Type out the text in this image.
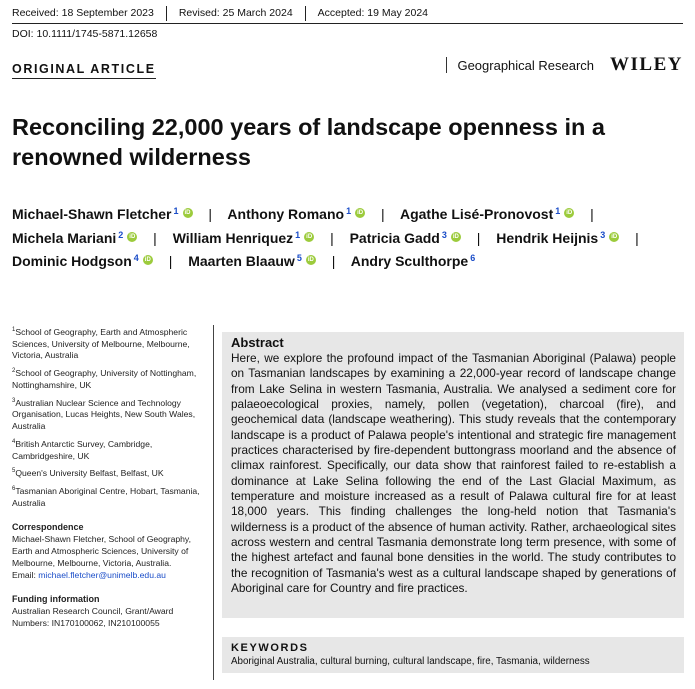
Received: 18 September 2023	Revised: 25 March 2024	Accepted: 19 May 2024
DOI: 10.1111/1745-5871.12658
ORIGINAL ARTICLE	Geographical Research WILEY
Reconciling 22,000 years of landscape openness in a renowned wilderness
Michael-Shawn Fletcher $^1$ iD | Anthony Romano $^1$ iD | Agathe Lisé-Pronovost $^1$ iD | Michela Mariani $^2$ iD | William Henriquez $^1$ iD | Patricia Gadd $^3$ iD | Hendrik Heijnis $^3$ iD | Dominic Hodgson $^4$ iD | Maarten Blaauw $^5$ iD | Andry Sculthorpe $^6$
$^1$School of Geography, Earth and Atmospheric Sciences, University of Melbourne, Melbourne, Victoria, Australia
$^2$School of Geography, University of Nottingham, Nottinghamshire, UK
$^3$Australian Nuclear Science and Technology Organisation, Lucas Heights, New South Wales, Australia
$^4$British Antarctic Survey, Cambridge, Cambridgeshire, UK
$^5$Queen's University Belfast, Belfast, UK
$^6$Tasmanian Aboriginal Centre, Hobart, Tasmania, Australia
Correspondence
Michael-Shawn Fletcher, School of Geography, Earth and Atmospheric Sciences, University of Melbourne, Melbourne, Victoria, Australia.
Email: michael.fletcher@unimelb.edu.au
Funding information
Australian Research Council, Grant/Award Numbers: IN170100062, IN210100055
Abstract

Here, we explore the profound impact of the Tasmanian Aboriginal (Palawa) people on Tasmanian landscapes by examining a 22,000-year record of landscape change from Lake Selina in western Tasmania, Australia. We analysed a sediment core for palaeoecological proxies, namely, pollen (vegetation), charcoal (fire), and geochemical data (landscape weathering). This study reveals that the contemporary landscape is a product of Palawa people's intentional and strategic fire management practices characterised by fire-dependent buttongrass moorland and the absence of climax rainforest. Specifically, our data show that rainforest failed to re-establish a dominance at Lake Selina following the end of the Last Glacial Maximum, as temperature and moisture increased as a result of Palawa cultural fire for at least 18,000 years. This finding challenges the long-held notion that Tasmania's wilderness is a product of the absence of human activity. Rather, archaeological sites across western and central Tasmania demonstrate long term presence, with some of the highest artefact and faunal bone densities in the world. The study contributes to the recognition of Tasmania's west as a cultural landscape shaped by generations of Aboriginal care for Country and fire practices.

KEYWORDS

Aboriginal Australia, cultural burning, cultural landscape, fire, Tasmania, wilderness
